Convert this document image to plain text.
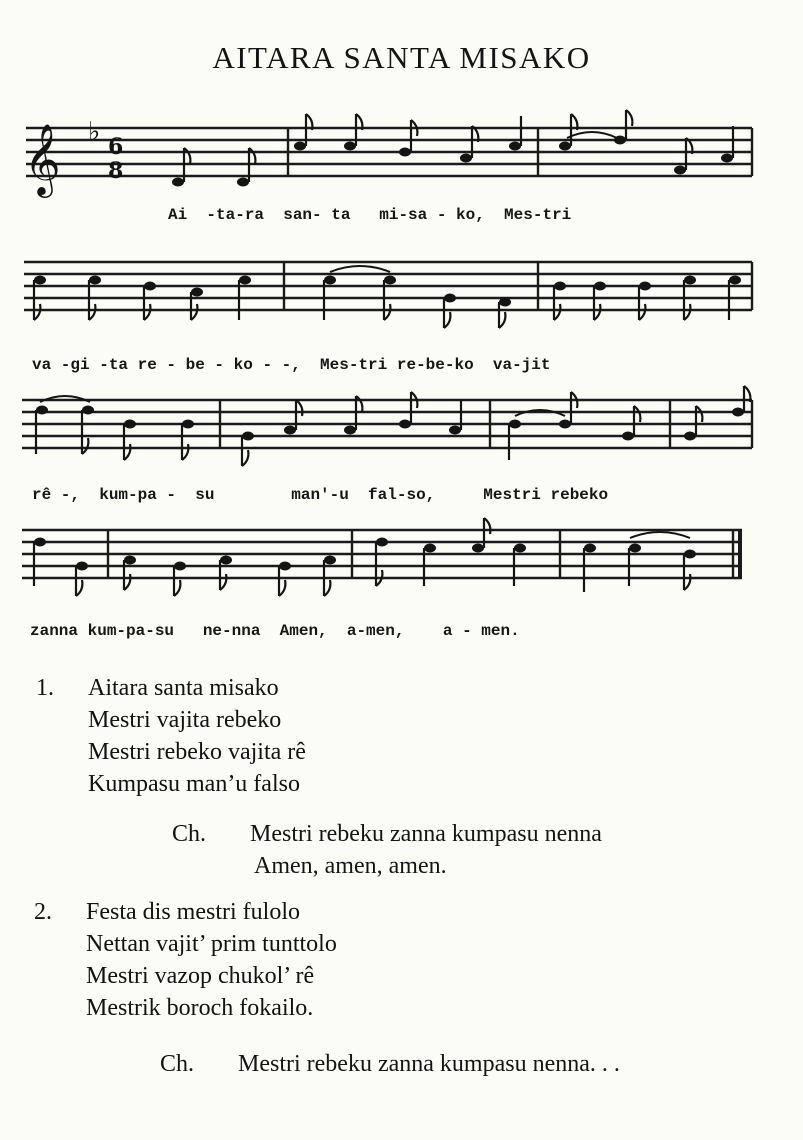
AITARA SANTA MISAKO
𝄞 ♭ 6
8
Ai  -ta-ra  san- ta   mi-sa - ko,  Mes-tri
va -gi -ta re - be - ko - -,  Mes-tri re-be-ko  va-jit
rê -,  kum-pa -  su        man'-u  fal-so,     Mestri rebeko
zanna kum-pa-su   ne-nna  Amen,  a-men,    a - men.
1. Aitara santa misako
Mestri vajita rebeko
Mestri rebeko vajita rê
Kumpasu man’u falso
Ch. Mestri rebeku zanna kumpasu nenna
Amen, amen, amen.
2. Festa dis mestri fulolo
Nettan vajit’ prim tunttolo
Mestri vazop chukol’ rê
Mestrik boroch fokailo.
Ch. Mestri rebeku zanna kumpasu nenna. . .
